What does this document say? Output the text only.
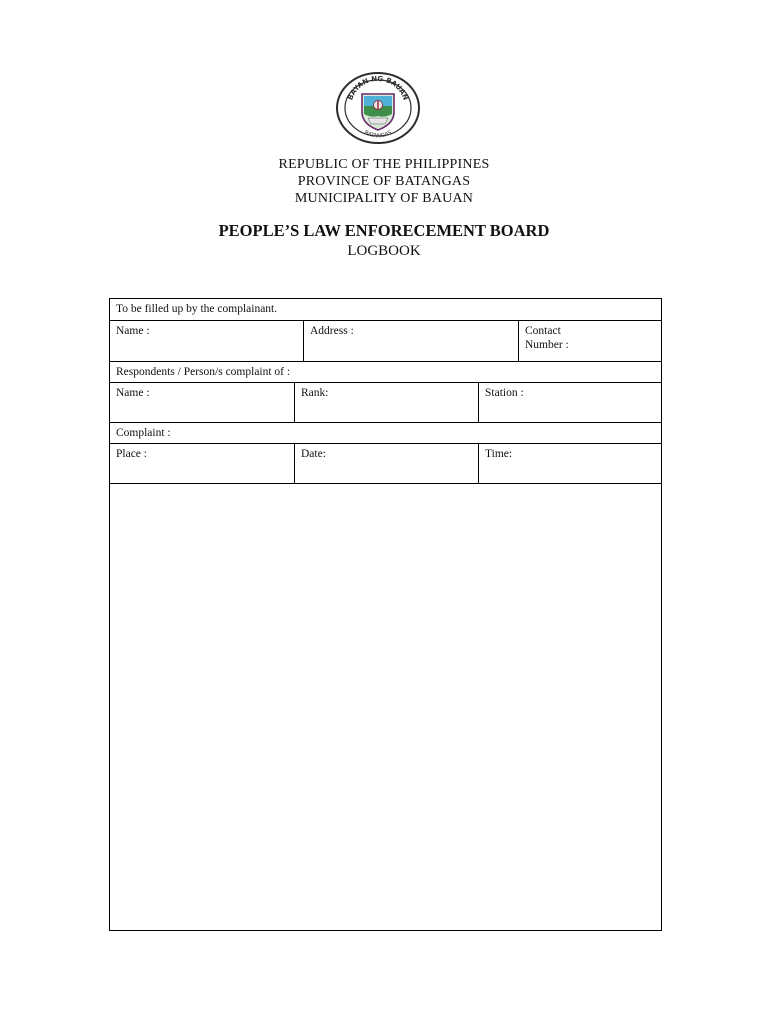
BAYAN NG BAUAN
BATANGAS
REPUBLIC OF THE PHILIPPINES
PROVINCE OF BATANGAS
MUNICIPALITY OF BAUAN
PEOPLE’S LAW ENFORECEMENT BOARD
LOGBOOK
To be filled up by the complainant.
Name :	Address :	Contact
Number :
Respondents / Person/s complaint of :
Name :	Rank:	Station :
Complaint :
Place :	Date:	Time:
